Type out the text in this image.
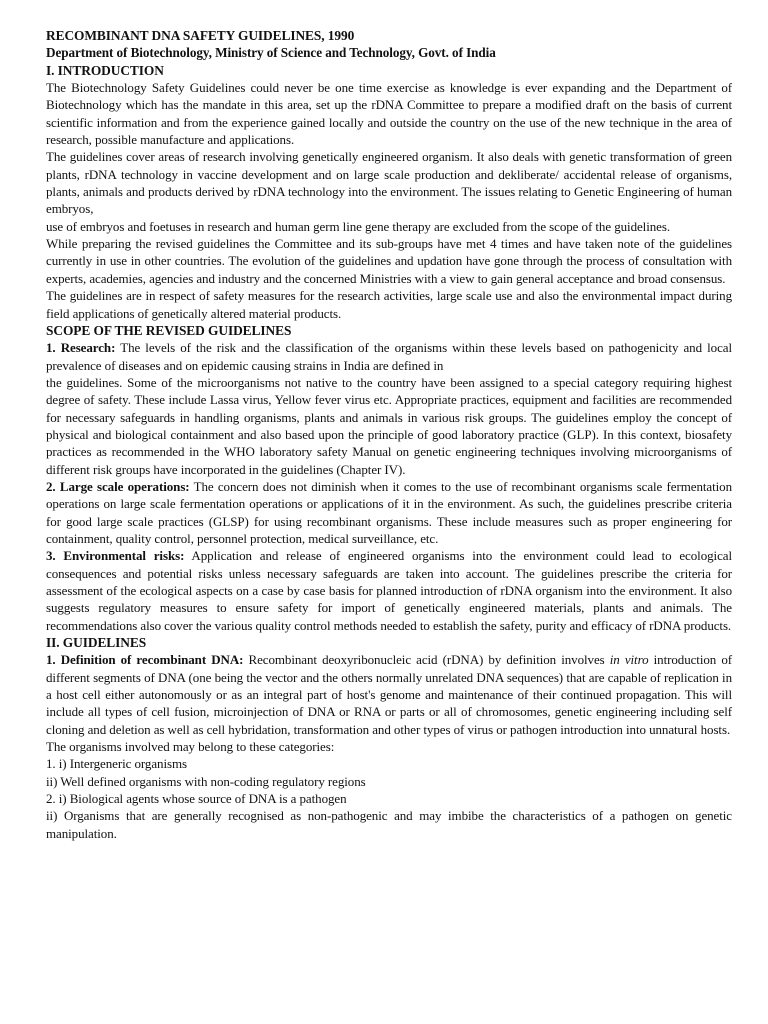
RECOMBINANT DNA SAFETY GUIDELINES, 1990

Department of Biotechnology, Ministry of Science and Technology, Govt. of India

I. INTRODUCTION

The Biotechnology Safety Guidelines could never be one time exercise as knowledge is ever expanding and the Department of Biotechnology which has the mandate in this area, set up the rDNA Committee to prepare a modified draft on the basis of current scientific information and from the experience gained locally and outside the country on the use of the new technique in the area of research, possible manufacture and applications.

The guidelines cover areas of research involving genetically engineered organism. It also deals with genetic transformation of green plants, rDNA technology in vaccine development and on large scale production and dekliberate/ accidental release of organisms, plants, animals and products derived by rDNA technology into the environment. The issues relating to Genetic Engineering of human embryos,

use of embryos and foetuses in research and human germ line gene therapy are excluded from the scope of the guidelines.

While preparing the revised guidelines the Committee and its sub-groups have met 4 times and have taken note of the guidelines currently in use in other countries. The evolution of the guidelines and updation have gone through the process of consultation with experts, academies, agencies and industry and the concerned Ministries with a view to gain general acceptance and broad consensus.

The guidelines are in respect of safety measures for the research activities, large scale use and also the environmental impact during field applications of genetically altered material products.

SCOPE OF THE REVISED GUIDELINES

1. Research: The levels of the risk and the classification of the organisms within these levels based on pathogenicity and local prevalence of diseases and on epidemic causing strains in India are defined in

the guidelines. Some of the microorganisms not native to the country have been assigned to a special category requiring highest degree of safety. These include Lassa virus, Yellow fever virus etc. Appropriate practices, equipment and facilities are recommended for necessary safeguards in handling organisms, plants and animals in various risk groups. The guidelines employ the concept of physical and biological containment and also based upon the principle of good laboratory practice (GLP). In this context, biosafety practices as recommended in the WHO laboratory safety Manual on genetic engineering techniques involving microorganisms of different risk groups have incorporated in the guidelines (Chapter IV).

2. Large scale operations: The concern does not diminish when it comes to the use of recombinant organisms scale fermentation operations on large scale fermentation operations or applications of it in the environment. As such, the guidelines prescribe criteria for good large scale practices (GLSP) for using recombinant organisms. These include measures such as proper engineering for containment, quality control, personnel protection, medical surveillance, etc.

3. Environmental risks: Application and release of engineered organisms into the environment could lead to ecological consequences and potential risks unless necessary safeguards are taken into account. The guidelines prescribe the criteria for assessment of the ecological aspects on a case by case basis for planned introduction of rDNA organism into the environment. It also suggests regulatory measures to ensure safety for import of genetically engineered materials, plants and animals. The recommendations also cover the various quality control methods needed to establish the safety, purity and efficacy of rDNA products.

II. GUIDELINES

1. Definition of recombinant DNA: Recombinant deoxyribonucleic acid (rDNA) by definition involves in vitro introduction of different segments of DNA (one being the vector and the others normally unrelated DNA sequences) that are capable of replication in a host cell either autonomously or as an integral part of host's genome and maintenance of their continued propagation. This will include all types of cell fusion, microinjection of DNA or RNA or parts or all of chromosomes, genetic engineering including self cloning and deletion as well as cell hybridation, transformation and other types of virus or pathogen introduction into unnatural hosts.

The organisms involved may belong to these categories:

1. i) Intergeneric organisms

ii) Well defined organisms with non-coding regulatory regions

2. i) Biological agents whose source of DNA is a pathogen

ii) Organisms that are generally recognised as non-pathogenic and may imbibe the characteristics of a pathogen on genetic manipulation.
